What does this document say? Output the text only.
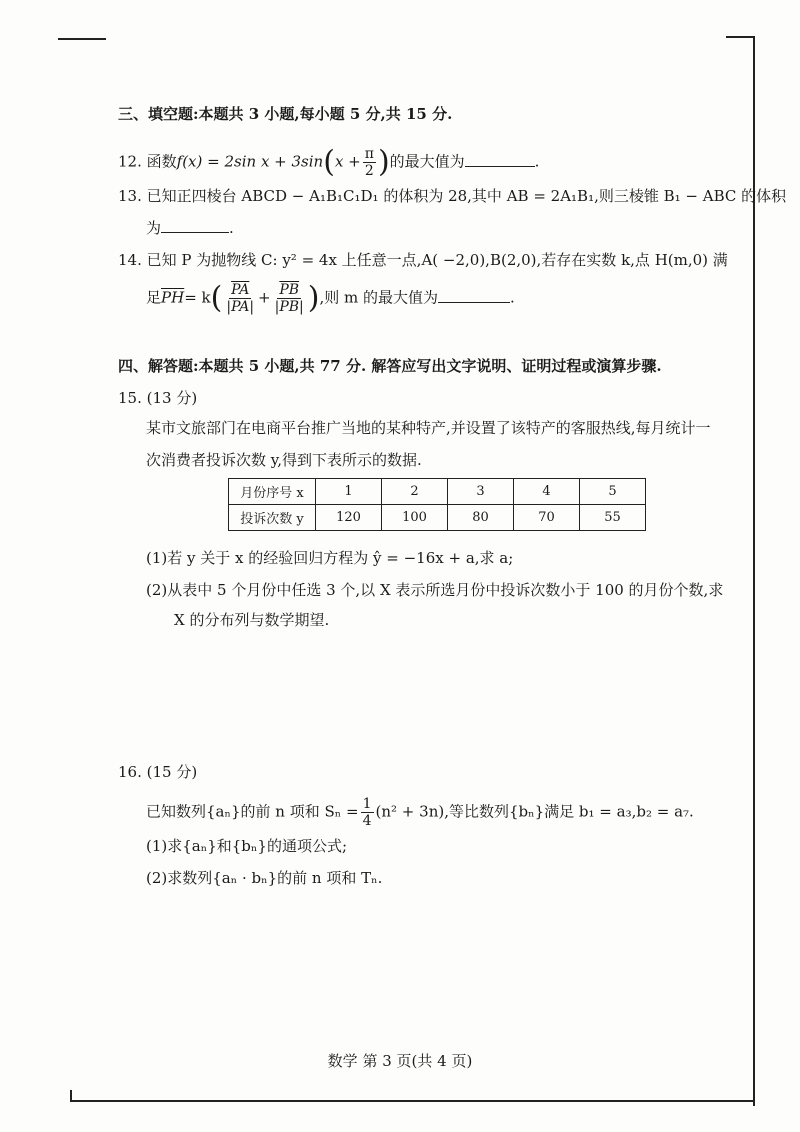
三、填空题:本题共 3 小题,每小题 5 分,共 15 分.
12. 函数f(x) = 2sin $x + 3\sin(x + \frac{\pi}{2}$ )的最大值为	.
13. 已知正四棱台 ABCD − A₁B₁C₁D₁ 的体积为 28,其中 AB = 2A₁B₁,则三棱锥 B₁ − ABC 的体积
为	.
14. 已知 P 为抛物线 C: y² = 4x 上任意一点,A( −2,0),B(2,0),若存在实数 k,点 H(m,0) 满
足$\overline{PH}= k( \frac{\overline{PA}}{|PA|} + \frac{\overline{PB}}{|PB|}$ ),则 m 的最大值为	.
四、解答题:本题共 5 小题,共 77 分. 解答应写出文字说明、证明过程或演算步骤.
15. (13 分)
某市文旅部门在电商平台推广当地的某种特产,并设置了该特产的客服热线,每月统计一
次消费者投诉次数 y,得到下表所示的数据.
月份序号 x	1	2	3	4	5
投诉次数 y	120	100	80	70	55
(1)若 y 关于 x 的经验回归方程为 ŷ = −16x + a,求 a;
(2)从表中 5 个月份中任选 3 个,以 X 表示所选月份中投诉次数小于 100 的月份个数,求
X 的分布列与数学期望.
16. (15 分)
已知数列{aₙ}的前 n 项和 $S_n = \frac{1}{4} (n^2 + 3n)$,等比数列{bₙ}满足 b₁ = a₃,b₂ = a₇.
(1)求{aₙ}和{bₙ}的通项公式;
(2)求数列{aₙ · bₙ}的前 n 项和 Tₙ.
数学 第 3 页(共 4 页)
